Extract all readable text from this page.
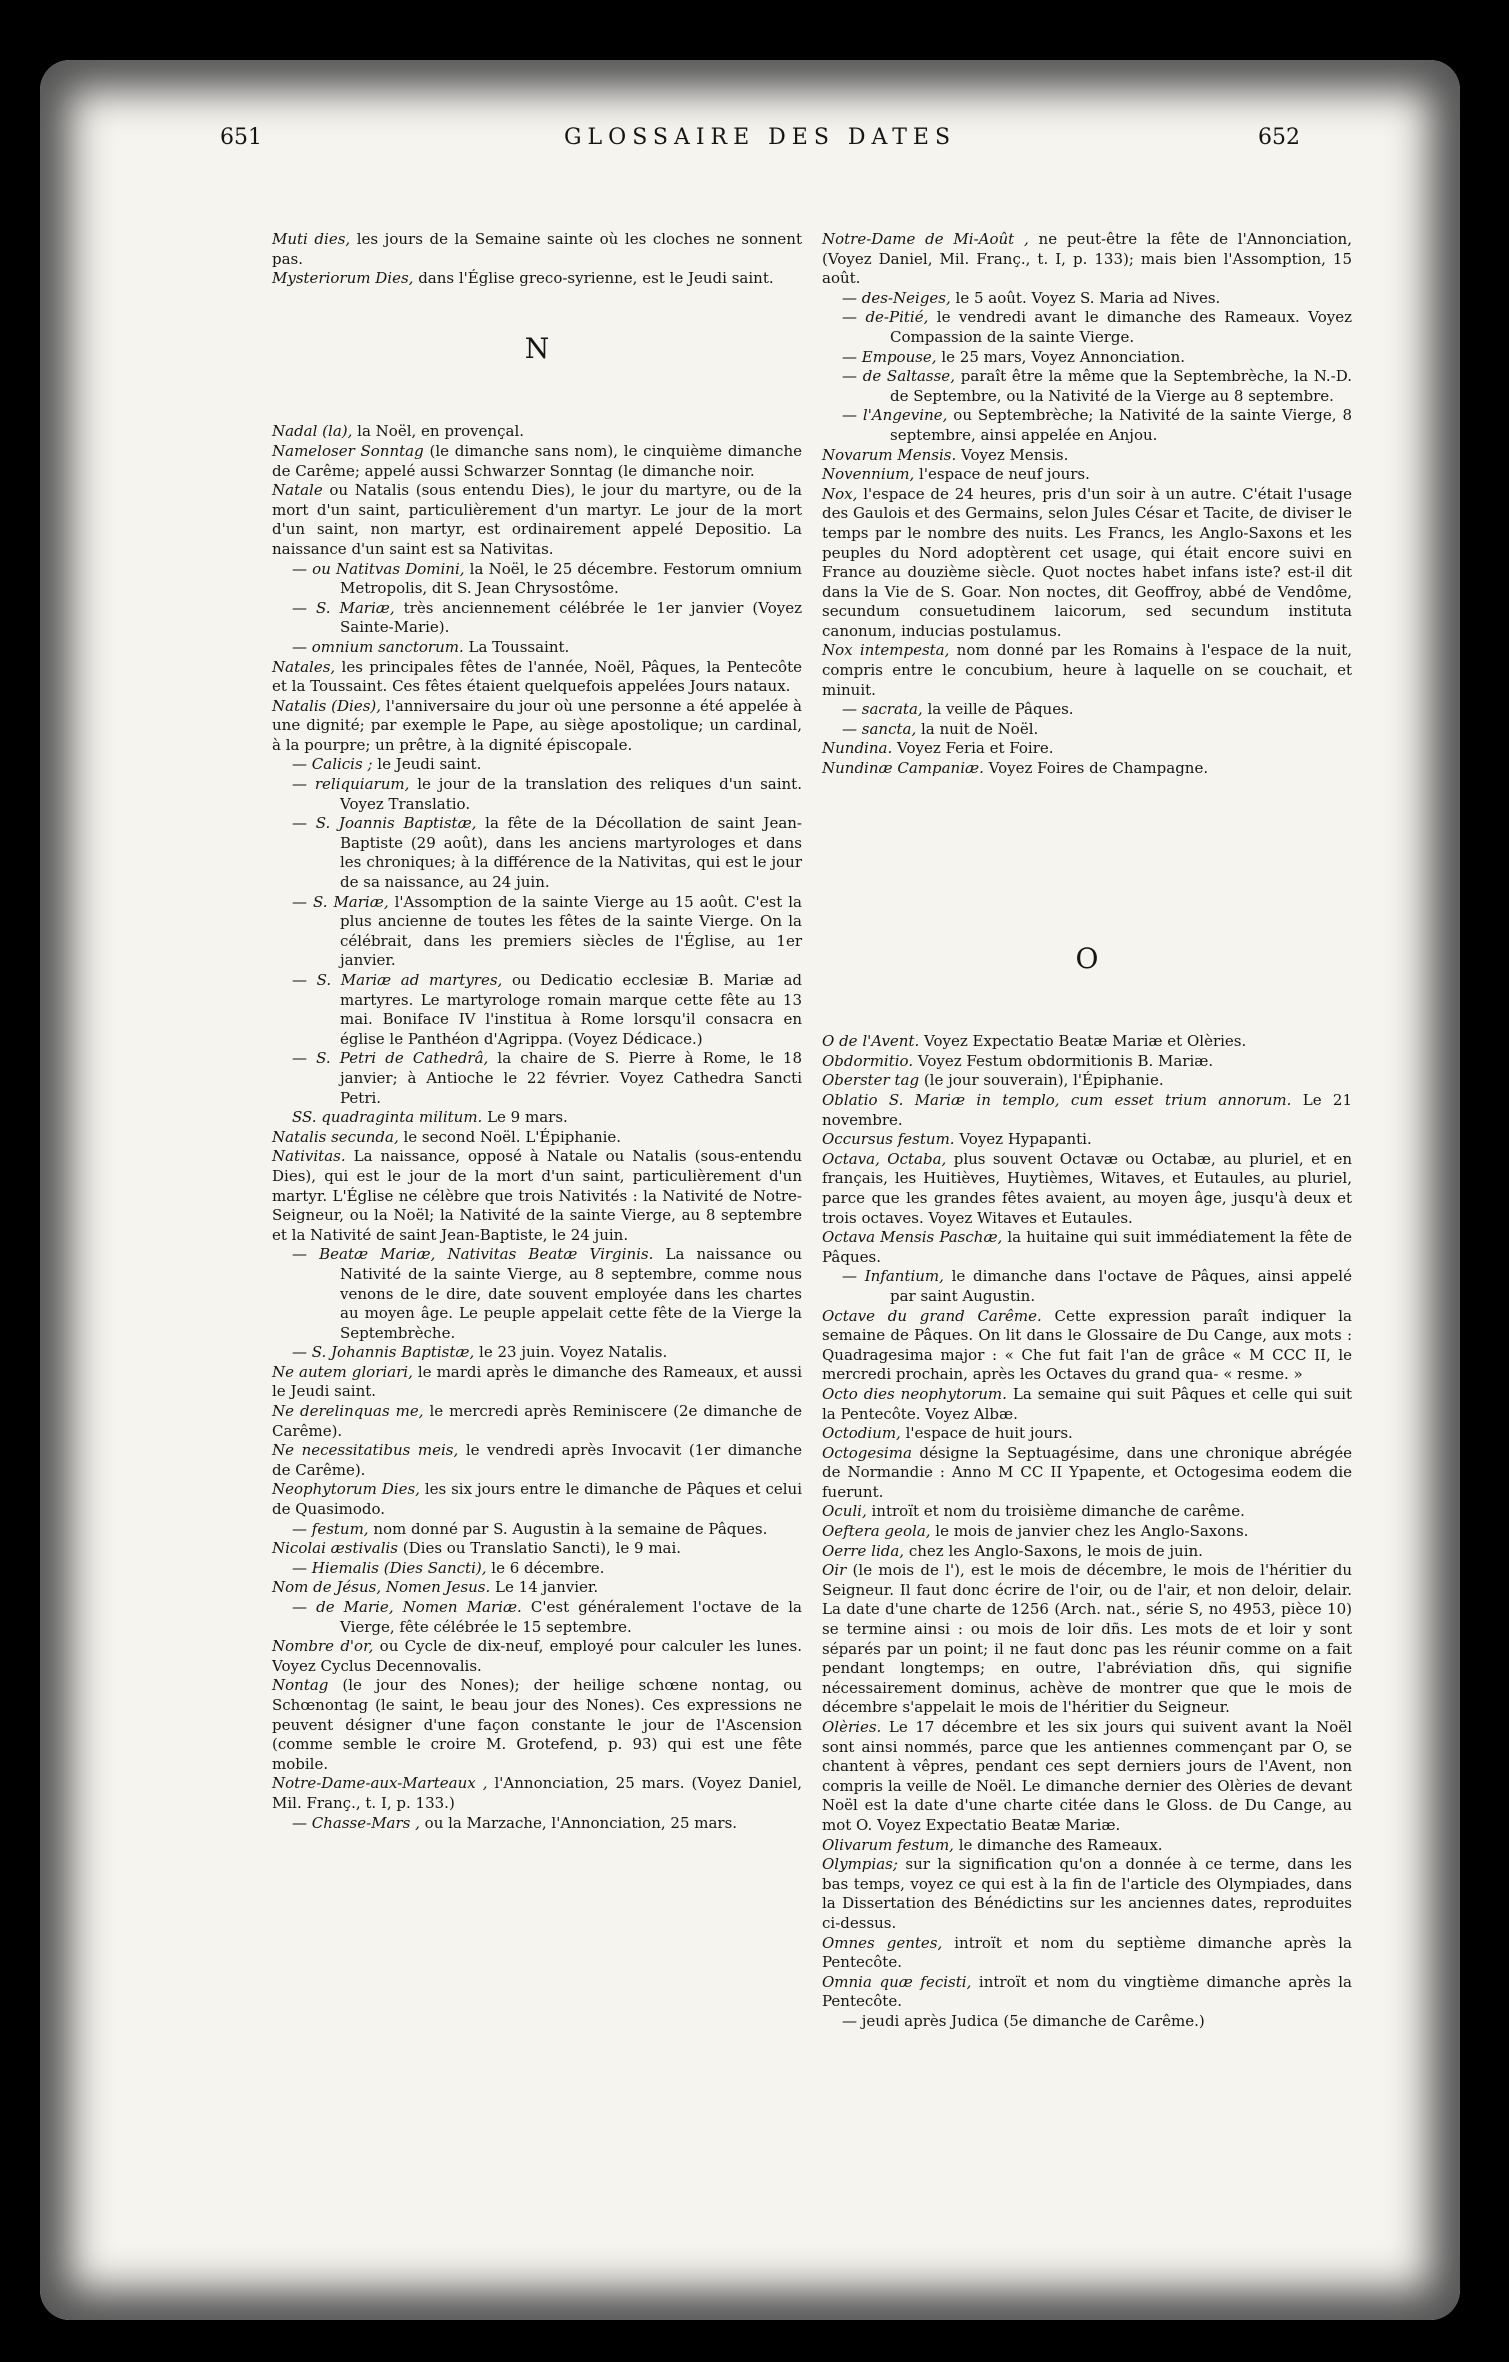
651	GLOSSAIRE DES DATES	652
Muti dies, les jours de la Semaine sainte où les cloches ne sonnent pas.
Mysteriorum Dies, dans l'Église greco-syrienne, est le Jeudi saint.
N
Nadal (la), la Noël, en provençal.
Nameloser Sonntag (le dimanche sans nom), le cinquième dimanche de Carême; appelé aussi Schwarzer Sonntag (le dimanche noir.
Natale ou Natalis (sous entendu Dies), le jour du martyre, ou de la mort d'un saint, particulièrement d'un martyr. Le jour de la mort d'un saint, non martyr, est ordinairement appelé Depositio. La naissance d'un saint est sa Nativitas.
— ou Natitvas Domini, la Noël, le 25 décembre. Festorum omnium Metropolis, dit S. Jean Chrysostôme.
— S. Mariæ, très anciennement célébrée le 1er janvier (Voyez Sainte-Marie).
— omnium sanctorum. La Toussaint.
Natales, les principales fêtes de l'année, Noël, Pâques, la Pentecôte et la Toussaint. Ces fêtes étaient quelquefois appelées Jours nataux.
Natalis (Dies), l'anniversaire du jour où une personne a été appelée à une dignité; par exemple le Pape, au siège apostolique; un cardinal, à la pourpre; un prêtre, à la dignité épiscopale.
— Calicis ; le Jeudi saint.
— reliquiarum, le jour de la translation des reliques d'un saint. Voyez Translatio.
— S. Joannis Baptistæ, la fête de la Décollation de saint Jean-Baptiste (29 août), dans les anciens martyrologes et dans les chroniques; à la différence de la Nativitas, qui est le jour de sa naissance, au 24 juin.
— S. Mariæ, l'Assomption de la sainte Vierge au 15 août. C'est la plus ancienne de toutes les fêtes de la sainte Vierge. On la célébrait, dans les premiers siècles de l'Église, au 1er janvier.
— S. Mariæ ad martyres, ou Dedicatio ecclesiæ B. Mariæ ad martyres. Le martyrologe romain marque cette fête au 13 mai. Boniface IV l'institua à Rome lorsqu'il consacra en église le Panthéon d'Agrippa. (Voyez Dédicace.)
— S. Petri de Cathedrâ, la chaire de S. Pierre à Rome, le 18 janvier; à Antioche le 22 février. Voyez Cathedra Sancti Petri.
SS. quadraginta militum. Le 9 mars.
Natalis secunda, le second Noël. L'Épiphanie.
Nativitas. La naissance, opposé à Natale ou Natalis (sous-entendu Dies), qui est le jour de la mort d'un saint, particulièrement d'un martyr. L'Église ne célèbre que trois Nativités : la Nativité de Notre-Seigneur, ou la Noël; la Nativité de la sainte Vierge, au 8 septembre et la Nativité de saint Jean-Baptiste, le 24 juin.
— Beatæ Mariæ, Nativitas Beatæ Virginis. La naissance ou Nativité de la sainte Vierge, au 8 septembre, comme nous venons de le dire, date souvent employée dans les chartes au moyen âge. Le peuple appelait cette fête de la Vierge la Septembrèche.
— S. Johannis Baptistæ, le 23 juin. Voyez Natalis.
Ne autem gloriari, le mardi après le dimanche des Rameaux, et aussi le Jeudi saint.
Ne derelinquas me, le mercredi après Reminiscere (2e dimanche de Carême).
Ne necessitatibus meis, le vendredi après Invocavit (1er dimanche de Carême).
Neophytorum Dies, les six jours entre le dimanche de Pâques et celui de Quasimodo.
— festum, nom donné par S. Augustin à la semaine de Pâques.
Nicolai æstivalis (Dies ou Translatio Sancti), le 9 mai.
— Hiemalis (Dies Sancti), le 6 décembre.
Nom de Jésus, Nomen Jesus. Le 14 janvier.
— de Marie, Nomen Mariæ. C'est généralement l'octave de la Vierge, fête célébrée le 15 septembre.
Nombre d'or, ou Cycle de dix-neuf, employé pour calculer les lunes. Voyez Cyclus Decennovalis.
Nontag (le jour des Nones); der heilige schœne nontag, ou Schœnontag (le saint, le beau jour des Nones). Ces expressions ne peuvent désigner d'une façon constante le jour de l'Ascension (comme semble le croire M. Grotefend, p. 93) qui est une fête mobile.
Notre-Dame-aux-Marteaux , l'Annonciation, 25 mars. (Voyez Daniel, Mil. Franç., t. I, p. 133.)
— Chasse-Mars , ou la Marzache, l'Annonciation, 25 mars.
Notre-Dame de Mi-Août , ne peut-être la fête de l'Annonciation, (Voyez Daniel, Mil. Franç., t. I, p. 133); mais bien l'Assomption, 15 août.
— des-Neiges, le 5 août. Voyez S. Maria ad Nives.
— de-Pitié, le vendredi avant le dimanche des Rameaux. Voyez Compassion de la sainte Vierge.
— Empouse, le 25 mars, Voyez Annonciation.
— de Saltasse, paraît être la même que la Septembrèche, la N.-D. de Septembre, ou la Nativité de la Vierge au 8 septembre.
— l'Angevine, ou Septembrèche; la Nativité de la sainte Vierge, 8 septembre, ainsi appelée en Anjou.
Novarum Mensis. Voyez Mensis.
Novennium, l'espace de neuf jours.
Nox, l'espace de 24 heures, pris d'un soir à un autre. C'était l'usage des Gaulois et des Germains, selon Jules César et Tacite, de diviser le temps par le nombre des nuits. Les Francs, les Anglo-Saxons et les peuples du Nord adoptèrent cet usage, qui était encore suivi en France au douzième siècle. Quot noctes habet infans iste? est-il dit dans la Vie de S. Goar. Non noctes, dit Geoffroy, abbé de Vendôme, secundum consuetudinem laicorum, sed secundum instituta canonum, inducias postulamus.
Nox intempesta, nom donné par les Romains à l'espace de la nuit, compris entre le concubium, heure à laquelle on se couchait, et minuit.
— sacrata, la veille de Pâques.
— sancta, la nuit de Noël.
Nundina. Voyez Feria et Foire.
Nundinæ Campaniæ. Voyez Foires de Champagne.
O
O de l'Avent. Voyez Expectatio Beatæ Mariæ et Olèries.
Obdormitio. Voyez Festum obdormitionis B. Mariæ.
Oberster tag (le jour souverain), l'Épiphanie.
Oblatio S. Mariæ in templo, cum esset trium annorum. Le 21 novembre.
Occursus festum. Voyez Hypapanti.
Octava, Octaba, plus souvent Octavæ ou Octabæ, au pluriel, et en français, les Huitièves, Huytièmes, Witaves, et Eutaules, au pluriel, parce que les grandes fêtes avaient, au moyen âge, jusqu'à deux et trois octaves. Voyez Witaves et Eutaules.
Octava Mensis Paschæ, la huitaine qui suit immédiatement la fête de Pâques.
— Infantium, le dimanche dans l'octave de Pâques, ainsi appelé par saint Augustin.
Octave du grand Carême. Cette expression paraît indiquer la semaine de Pâques. On lit dans le Glossaire de Du Cange, aux mots : Quadragesima major : « Che fut fait l'an de grâce « M CCC II, le mercredi prochain, après les Octaves du grand qua- « resme. »
Octo dies neophytorum. La semaine qui suit Pâques et celle qui suit la Pentecôte. Voyez Albæ.
Octodium, l'espace de huit jours.
Octogesima désigne la Septuagésime, dans une chronique abrégée de Normandie : Anno M CC II Ypapente, et Octogesima eodem die fuerunt.
Oculi, introït et nom du troisième dimanche de carême.
Oeftera geola, le mois de janvier chez les Anglo-Saxons.
Oerre lida, chez les Anglo-Saxons, le mois de juin.
Oir (le mois de l'), est le mois de décembre, le mois de l'héritier du Seigneur. Il faut donc écrire de l'oir, ou de l'air, et non deloir, delair. La date d'une charte de 1256 (Arch. nat., série S, no 4953, pièce 10) se termine ainsi : ou mois de loir dñs. Les mots de et loir y sont séparés par un point; il ne faut donc pas les réunir comme on a fait pendant longtemps; en outre, l'abréviation dñs, qui signifie nécessairement dominus, achève de montrer que que le mois de décembre s'appelait le mois de l'héritier du Seigneur.
Olèries. Le 17 décembre et les six jours qui suivent avant la Noël sont ainsi nommés, parce que les antiennes commençant par O, se chantent à vêpres, pendant ces sept derniers jours de l'Avent, non compris la veille de Noël. Le dimanche dernier des Olèries de devant Noël est la date d'une charte citée dans le Gloss. de Du Cange, au mot O. Voyez Expectatio Beatæ Mariæ.
Olivarum festum, le dimanche des Rameaux.
Olympias; sur la signification qu'on a donnée à ce terme, dans les bas temps, voyez ce qui est à la fin de l'article des Olympiades, dans la Dissertation des Bénédictins sur les anciennes dates, reproduites ci-dessus.
Omnes gentes, introït et nom du septième dimanche après la Pentecôte.
Omnia quæ fecisti, introït et nom du vingtième dimanche après la Pentecôte.
— jeudi après Judica (5e dimanche de Carême.)
